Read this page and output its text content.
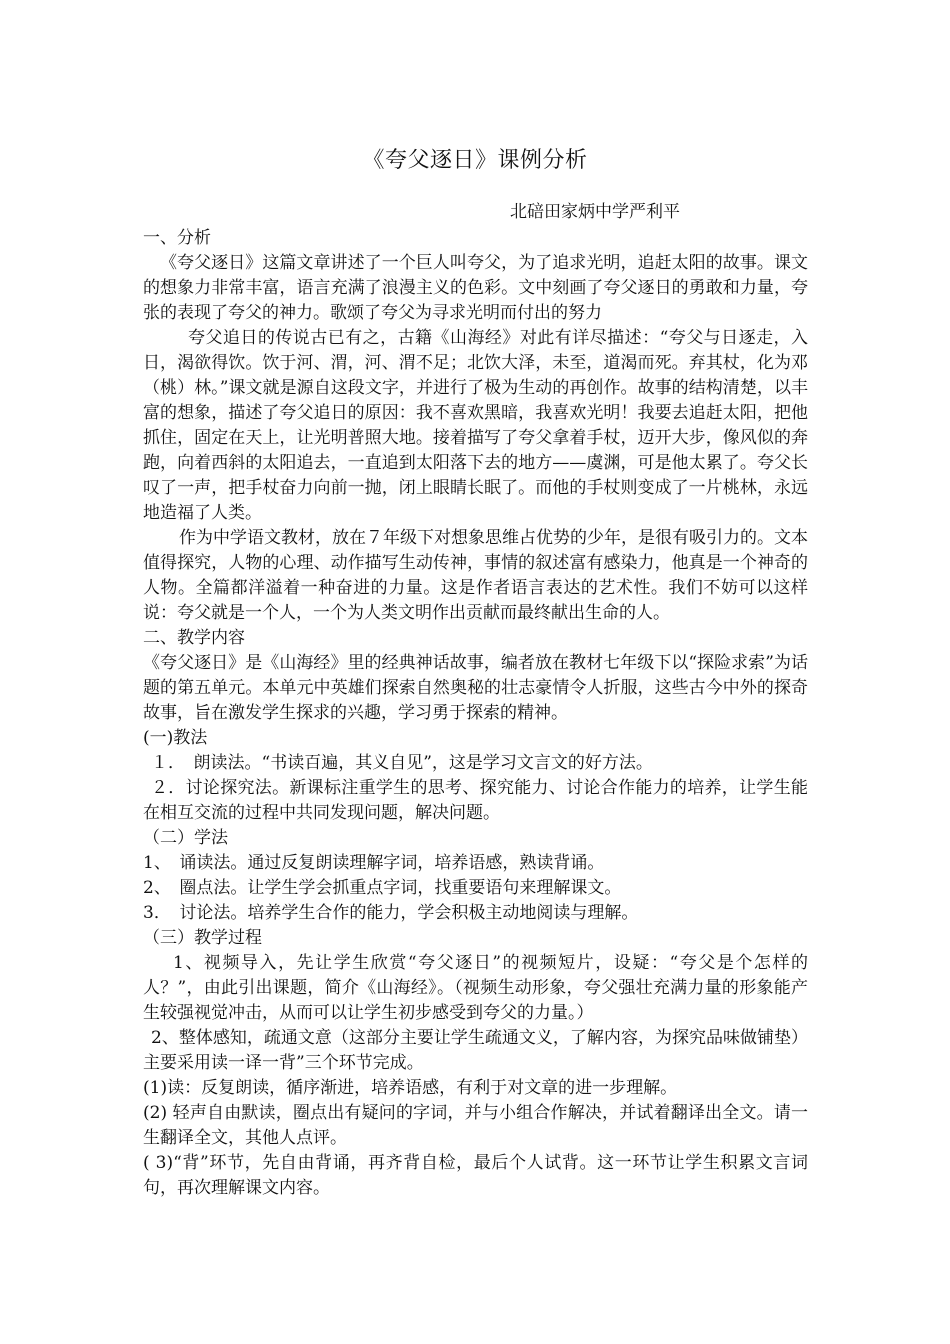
《夸父逐日》课例分析
北碚田家炳中学严利平

一、分析

《夸父逐日》这篇文章讲述了一个巨人叫夸父，为了追求光明，追赶太阳的故事。课文的想象力非常丰富，语言充满了浪漫主义的色彩。文中刻画了夸父逐日的勇敢和力量，夸张的表现了夸父的神力。歌颂了夸父为寻求光明而付出的努力

夸父追日的传说古已有之，古籍《山海经》对此有详尽描述：“夸父与日逐走，入日，渴欲得饮。饮于河、渭，河、渭不足；北饮大泽，未至，道渴而死。弃其杖，化为邓（桃）林。”课文就是源自这段文字，并进行了极为生动的再创作。故事的结构清楚，以丰富的想象，描述了夸父追日的原因：我不喜欢黑暗，我喜欢光明！我要去追赶太阳，把他抓住，固定在天上，让光明普照大地。接着描写了夸父拿着手杖，迈开大步，像风似的奔跑，向着西斜的太阳追去，一直追到太阳落下去的地方——虞渊，可是他太累了。夸父长叹了一声，把手杖奋力向前一抛，闭上眼睛长眠了。而他的手杖则变成了一片桃林，永远地造福了人类。

作为中学语文教材，放在７年级下对想象思维占优势的少年，是很有吸引力的。文本值得探究，人物的心理、动作描写生动传神，事情的叙述富有感染力，他真是一个神奇的人物。全篇都洋溢着一种奋进的力量。这是作者语言表达的艺术性。我们不妨可以这样说：夸父就是一个人，一个为人类文明作出贡献而最终献出生命的人。

二、教学内容

《夸父逐日》是《山海经》里的经典神话故事，编者放在教材七年级下以“探险求索”为话题的第五单元。本单元中英雄们探索自然奥秘的壮志豪情令人折服，这些古今中外的探奇故事，旨在激发学生探求的兴趣，学习勇于探索的精神。

(一)教法

１．　朗读法。“书读百遍，其义自见”，这是学习文言文的好方法。

２．讨论探究法。新课标注重学生的思考、探究能力、讨论合作能力的培养，让学生能在相互交流的过程中共同发现问题，解决问题。

（二）学法

1、　诵读法。通过反复朗读理解字词，培养语感，熟读背诵。

2、　圈点法。让学生学会抓重点字词，找重要语句来理解课文。

3．　讨论法。培养学生合作的能力，学会积极主动地阅读与理解。

（三）教学过程

1、视频导入，先让学生欣赏“夸父逐日”的视频短片，设疑：“夸父是个怎样的人？”，由此引出课题，简介《山海经》。（视频生动形象，夸父强壮充满力量的形象能产生较强视觉冲击，从而可以让学生初步感受到夸父的力量。）

2、整体感知，疏通文意（这部分主要让学生疏通文义，了解内容，为探究品味做铺垫）主要采用读一译一背”三个环节完成。

(1)读：反复朗读，循序渐进，培养语感，有利于对文章的进一步理解。

(2) 轻声自由默读，圈点出有疑问的字词，并与小组合作解决，并试着翻译出全文。请一生翻译全文，其他人点评。

( 3)“背”环节，先自由背诵，再齐背自检，最后个人试背。这一环节让学生积累文言词句，再次理解课文内容。
